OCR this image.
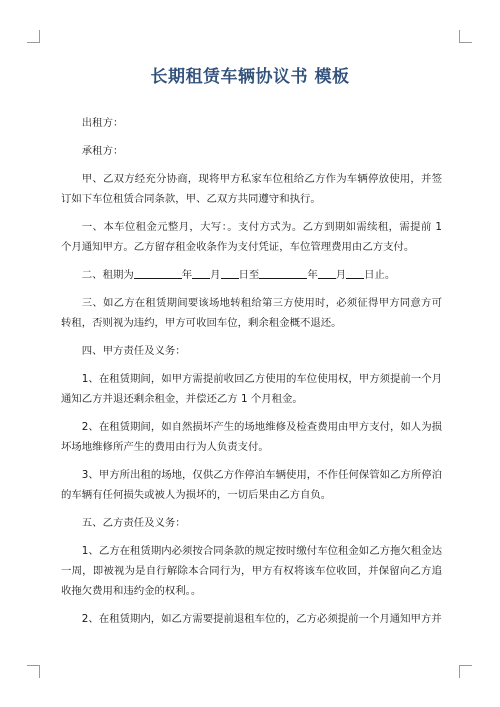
长期租赁车辆协议书 模板

出租方：

承租方：

甲、乙双方经充分协商，现将甲方私家车位租给乙方作为车辆停放使用，并签订如下车位租赁合同条款，甲、乙双方共同遵守和执行。

一、本车位租金元整月，大写：。支付方式为。乙方到期如需续租，需提前 1 个月通知甲方。乙方留存租金收条作为支付凭证，车位管理费用由乙方支付。

二、租期为	年 月 日至	年 月 日止。

三、如乙方在租赁期间要该场地转租给第三方使用时，必须征得甲方同意方可转租，否则视为违约，甲方可收回车位，剩余租金概不退还。

四、甲方责任及义务：

1、在租赁期间，如甲方需提前收回乙方使用的车位使用权，甲方须提前一个月通知乙方并退还剩余租金，并偿还乙方 1 个月租金。

2、在租赁期间，如自然损坏产生的场地维修及检查费用由甲方支付，如人为损坏场地维修所产生的费用由行为人负责支付。

3、甲方所出租的场地，仅供乙方作停泊车辆使用，不作任何保管如乙方所停泊的车辆有任何损失或被人为损坏的，一切后果由乙方自负。

五、乙方责任及义务：

1、乙方在租赁期内必须按合同条款的规定按时缴付车位租金如乙方拖欠租金达一周，即被视为是自行解除本合同行为，甲方有权将该车位收回，并保留向乙方追收拖欠费用和违约金的权利。。

2、在租赁期内，如乙方需要提前退租车位的，乙方必须提前一个月通知甲方并
